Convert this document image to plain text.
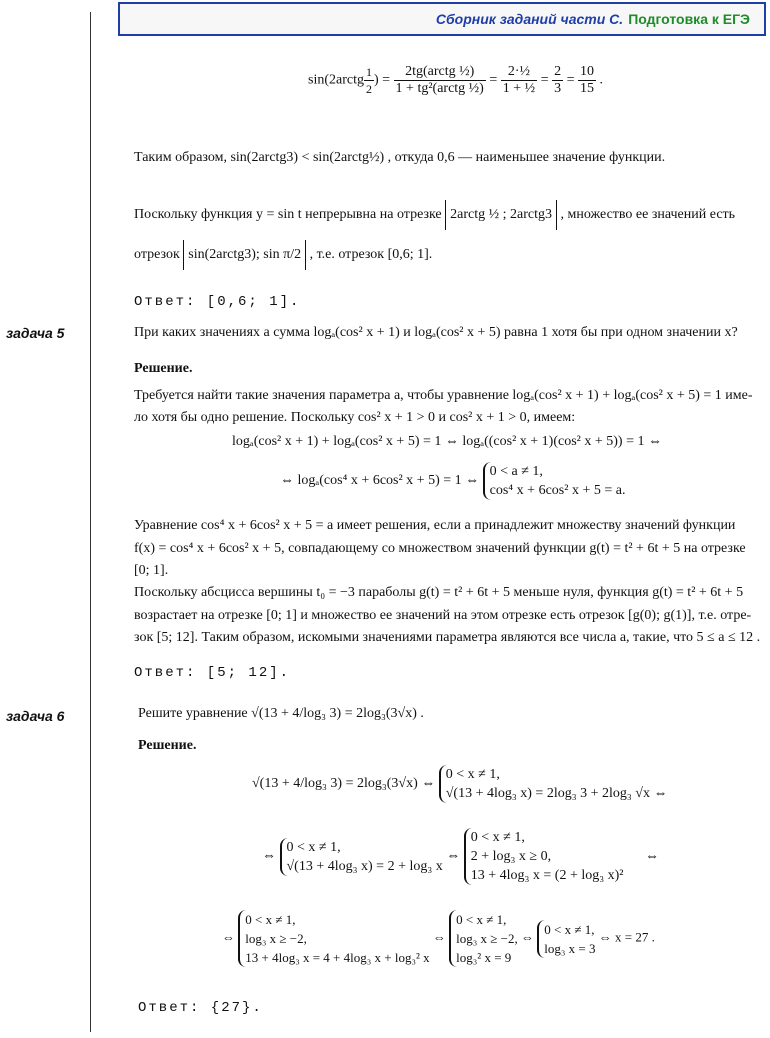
Сборник заданий части С. Подготовка к ЕГЭ
sin(2arctg $\frac{1}{2}$ ) = $\frac{\text{2tg(arctg ½)}}{\text{1 + tg²(arctg ½)}} = \frac{\text{2·½}}{\text{1 + ½}} = \frac{2}{3} = \frac{10}{15}$ .
Таким образом, sin(2arctg3) < sin(2arctg½) , откуда 0,6 — наименьшее значение функции.
Поскольку функция y = sin t непрерывна на отрезке 2arctg ½ ; 2arctg3 , множество ее значений есть
отрезок sin(2arctg3); sin π/2 , т.е. отрезок [0,6; 1].
Ответ: [0,6; 1].
задача 5	При каких значениях a сумма logₐ(cos² x + 1) и logₐ(cos² x + 5) равна 1 хотя бы при одном значении x?
Решение.
Требуется найти такие значения параметра a, чтобы уравнение logₐ(cos² x + 1) + logₐ(cos² x + 5) = 1 име-
ло хотя бы одно решение. Поскольку cos² x + 1 > 0 и cos² x + 1 > 0, имеем:
logₐ(cos² x + 1) + logₐ(cos² x + 5) = 1 ⇔ logₐ((cos² x + 1)(cos² x + 5)) = 1 ⇔
⇔ logₐ(cos⁴ x + 6cos² x + 5) = 1 ⇔
0 < a ≠ 1,
cos⁴ x + 6cos² x + 5 = a.
Уравнение cos⁴ x + 6cos² x + 5 = a имеет решения, если a принадлежит множеству значений функции
f(x) = cos⁴ x + 6cos² x + 5, совпадающему со множеством значений функции g(t) = t² + 6t + 5 на отрезке
[0; 1].
Поскольку абсцисса вершины t₀ = −3 параболы g(t) = t² + 6t + 5 меньше нуля, функция g(t) = t² + 6t + 5
возрастает на отрезке [0; 1] и множество ее значений на этом отрезке есть отрезок [g(0); g(1)], т.е. отре-
зок [5; 12]. Таким образом, искомыми значениями параметра являются все числа a, такие, что 5 ≤ a ≤ 12 .
Ответ: [5; 12].
задача 6	Решите уравнение √(13 + 4/log₃ 3) = 2log₃(3√x) .
Решение.
√(13 + 4/log₃ 3) = 2log₃(3√x) ⇔
0 < x ≠ 1,
√(13 + 4log₃ x) = 2log₃ 3 + 2log₃ √x ⇔
⇔
0 < x ≠ 1,
√(13 + 4log₃ x) = 2 + log₃ x
⇔
0 < x ≠ 1,
2 + log₃ x ≥ 0,
13 + 4log₃ x = (2 + log₃ x)²
⇔
⇔
0 < x ≠ 1,
log₃ x ≥ −2,
13 + 4log₃ x = 4 + 4log₃ x + log₃² x
⇔
0 < x ≠ 1,
log₃ x ≥ −2,
log₃² x = 9
⇔
0 < x ≠ 1,
log₃ x = 3
⇔ x = 27 .
Ответ: {27}.
